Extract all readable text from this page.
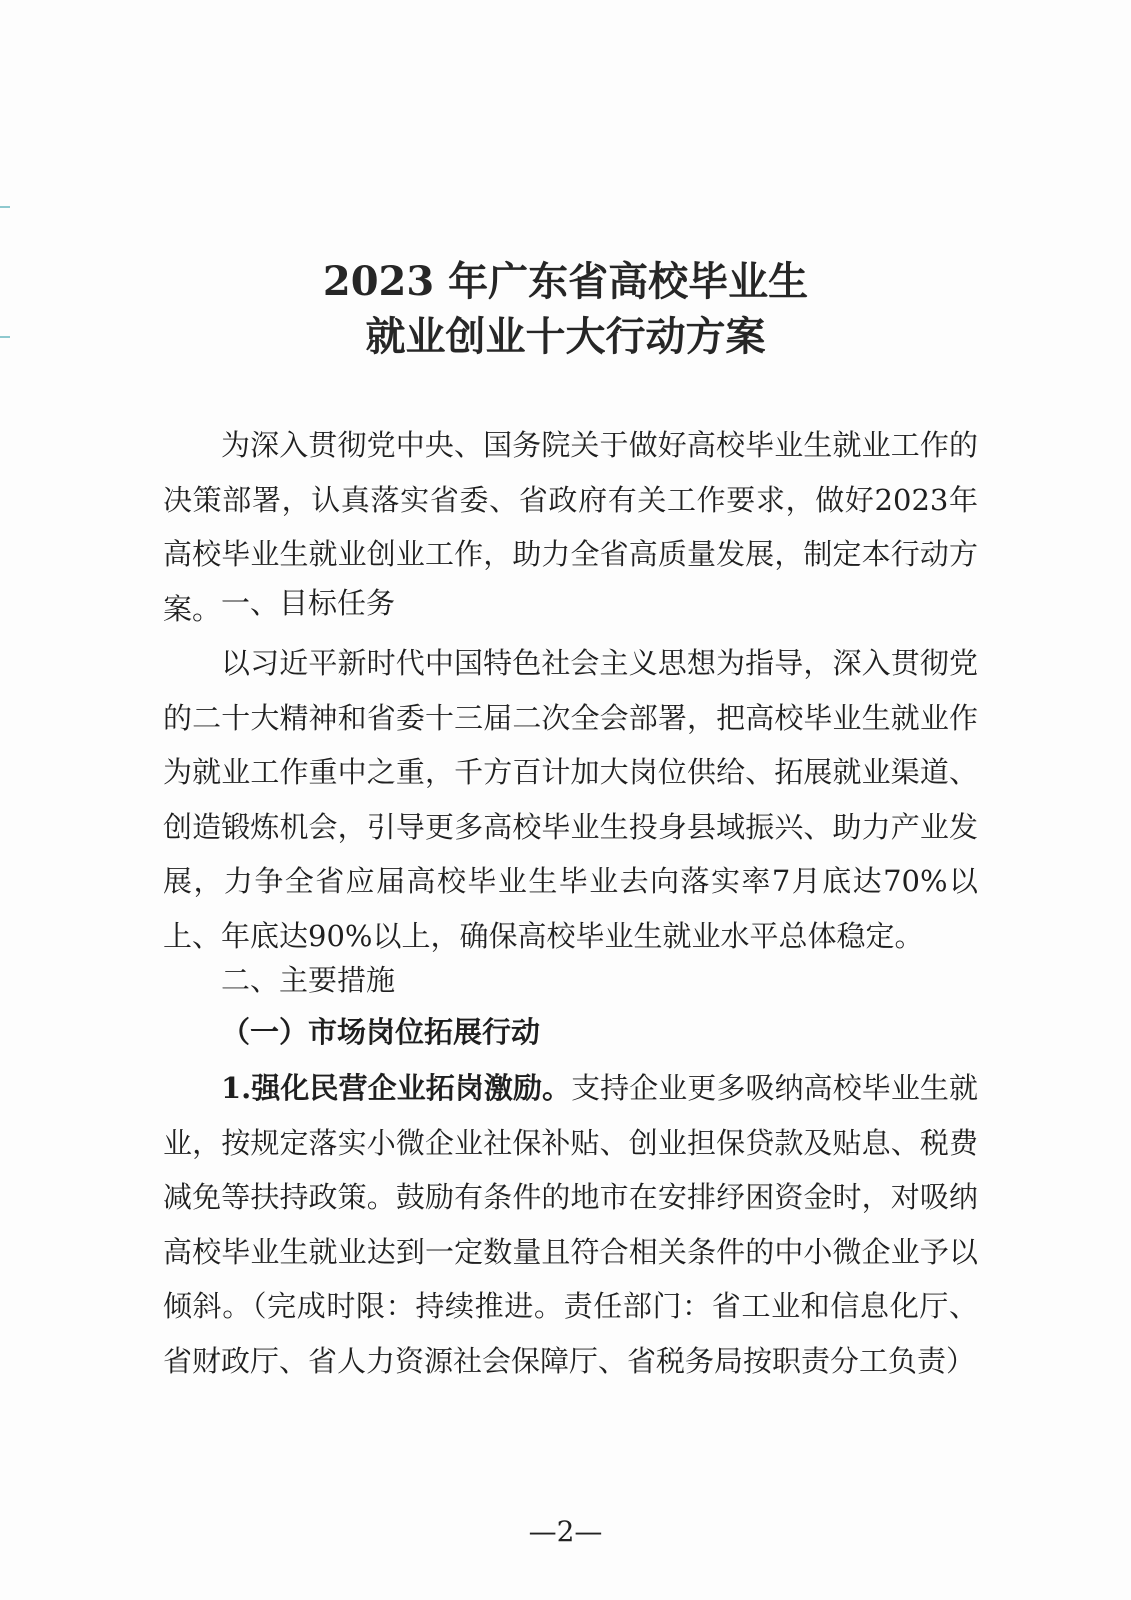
2023 年广东省高校毕业生
就业创业十大行动方案
为深入贯彻党中央、国务院关于做好高校毕业生就业工作的决策部署，认真落实省委、省政府有关工作要求，做好2023年高校毕业生就业创业工作，助力全省高质量发展，制定本行动方案。 一、目标任务
以习近平新时代中国特色社会主义思想为指导，深入贯彻党的二十大精神和省委十三届二次全会部署，把高校毕业生就业作为就业工作重中之重，千方百计加大岗位供给、拓展就业渠道、创造锻炼机会，引导更多高校毕业生投身县域振兴、助力产业发展，力争全省应届高校毕业生毕业去向落实率7月底达70%以上、年底达90%以上，确保高校毕业生就业水平总体稳定。
二、主要措施
（一）市场岗位拓展行动
1.强化民营企业拓岗激励。支持企业更多吸纳高校毕业生就业，按规定落实小微企业社保补贴、创业担保贷款及贴息、税费减免等扶持政策。鼓励有条件的地市在安排纾困资金时，对吸纳高校毕业生就业达到一定数量且符合相关条件的中小微企业予以倾斜。（完成时限：持续推进。责任部门：省工业和信息化厅、省财政厅、省人力资源社会保障厅、省税务局按职责分工负责）
—2—
